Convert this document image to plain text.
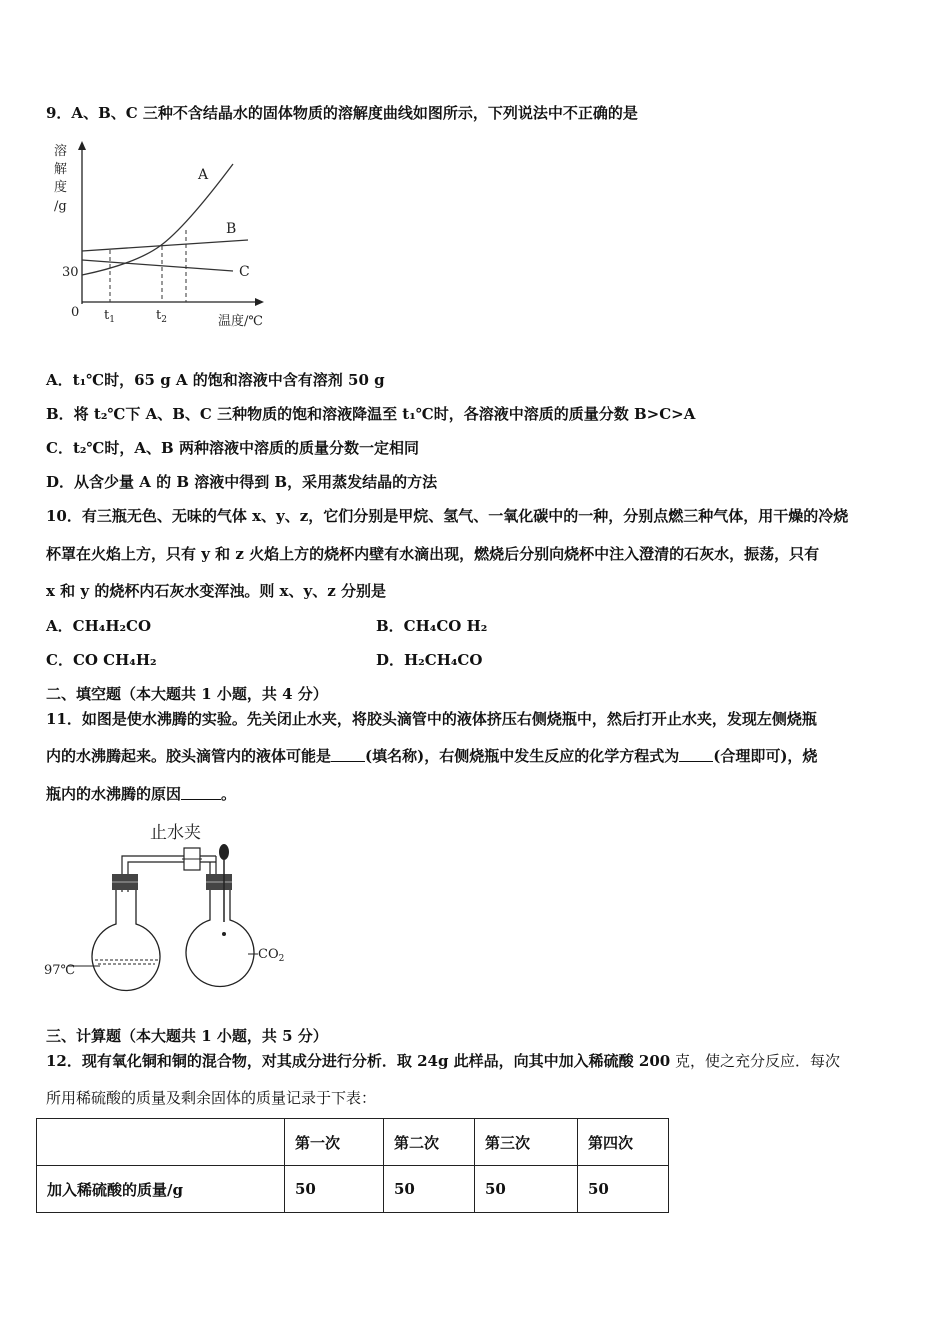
9．A、B、C 三种不含结晶水的固体物质的溶解度曲线如图所示，下列说法中不正确的是
溶
解
度
/g
30
0 $t_1$	$t_2$	温度/℃
A
B
C
A．t₁℃时，65 g A 的饱和溶液中含有溶剂 50 g
B．将 t₂℃下 A、B、C 三种物质的饱和溶液降温至 t₁℃时，各溶液中溶质的质量分数 B>C>A
C．t₂℃时，A、B 两种溶液中溶质的质量分数一定相同
D．从含少量 A 的 B 溶液中得到 B，采用蒸发结晶的方法
10．有三瓶无色、无味的气体 x、y、z，它们分别是甲烷、氢气、一氧化碳中的一种，分别点燃三种气体，用干燥的冷烧
杯罩在火焰上方，只有 y 和 z 火焰上方的烧杯内壁有水滴出现，燃烧后分别向烧杯中注入澄清的石灰水，振荡，只有
x 和 y 的烧杯内石灰水变浑浊。则 x、y、z 分别是
A．CH₄H₂CO	B．CH₄CO H₂
C．CO CH₄H₂	D．H₂CH₄CO
二、填空题（本大题共 1 小题，共 4 分）
11．如图是使水沸腾的实验。先关闭止水夹，将胶头滴管中的液体挤压右侧烧瓶中，然后打开止水夹，发现左侧烧瓶
内的水沸腾起来。胶头滴管内的液体可能是 (填名称)，右侧烧瓶中发生反应的化学方程式为 (合理即可)，烧
瓶内的水沸腾的原因	。
止水夹
97℃
$CO_2$
三、计算题（本大题共 1 小题，共 5 分）
12．现有氧化铜和铜的混合物，对其成分进行分析．取 24g 此样品，向其中加入稀硫酸 200 克，使之充分反应．每次
所用稀硫酸的质量及剩余固体的质量记录于下表：
	第一次	第二次	第三次	第四次
加入稀硫酸的质量/g	50	50	50	50
